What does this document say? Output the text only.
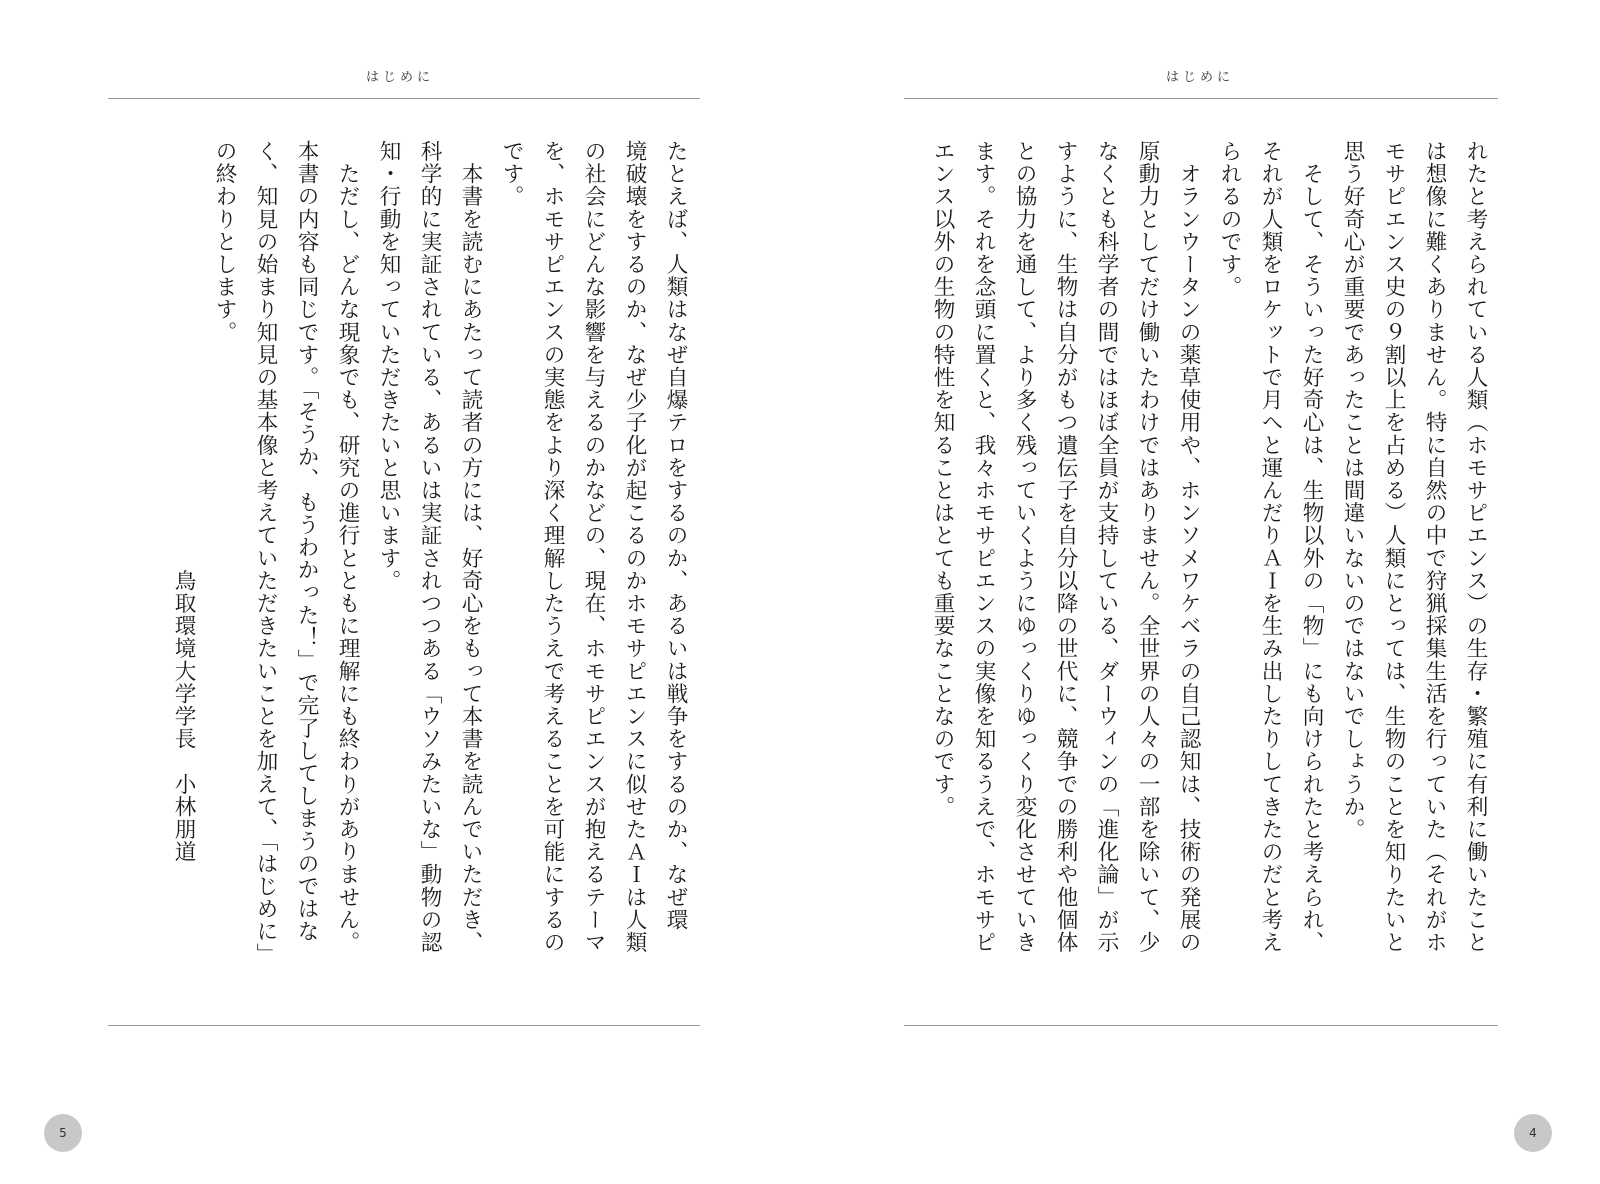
はじめに
たとえば、人類はなぜ自爆テロをするのか、あるいは戦争をするのか、なぜ環
境破壊をするのか、なぜ少子化が起こるのかホモサピエンスに似せたＡＩは人類
の社会にどんな影響を与えるのかなどの、現在、ホモサピエンスが抱えるテーマ
を、ホモサピエンスの実態をより深く理解したうえで考えることを可能にするの
です。
　本書を読むにあたって読者の方には、好奇心をもって本書を読んでいただき、
科学的に実証されている、あるいは実証されつつある「ウソみたいな」動物の認
知・行動を知っていただきたいと思います。
　ただし、どんな現象でも、研究の進行とともに理解にも終わりがありません。
本書の内容も同じです。「そうか、もうわかった！」で完了してしまうのではな
く、知見の始まり知見の基本像と考えていただきたいことを加えて、「はじめに」
の終わりとします。
　　　　　　　　　　　　　　　　　　　鳥取環境大学学長　小林朋道
5
はじめに
れたと考えられている人類（ホモサピエンス）の生存・繁殖に有利に働いたこと
は想像に難くありません。特に自然の中で狩猟採集生活を行っていた（それがホ
モサピエンス史の９割以上を占める）人類にとっては、生物のことを知りたいと
思う好奇心が重要であったことは間違いないのではないでしょうか。
　そして、そういった好奇心は、生物以外の「物」にも向けられたと考えられ、
それが人類をロケットで月へと運んだりＡＩを生み出したりしてきたのだと考え
られるのです。
　オランウータンの薬草使用や、ホンソメワケベラの自己認知は、技術の発展の
原動力としてだけ働いたわけではありません。全世界の人々の一部を除いて、少
なくとも科学者の間ではほぼ全員が支持している、ダーウィンの「進化論」が示
すように、生物は自分がもつ遺伝子を自分以降の世代に、競争での勝利や他個体
との協力を通して、より多く残っていくようにゆっくりゆっくり変化させていき
ます。それを念頭に置くと、我々ホモサピエンスの実像を知るうえで、ホモサピ
エンス以外の生物の特性を知ることはとても重要なことなのです。
4
